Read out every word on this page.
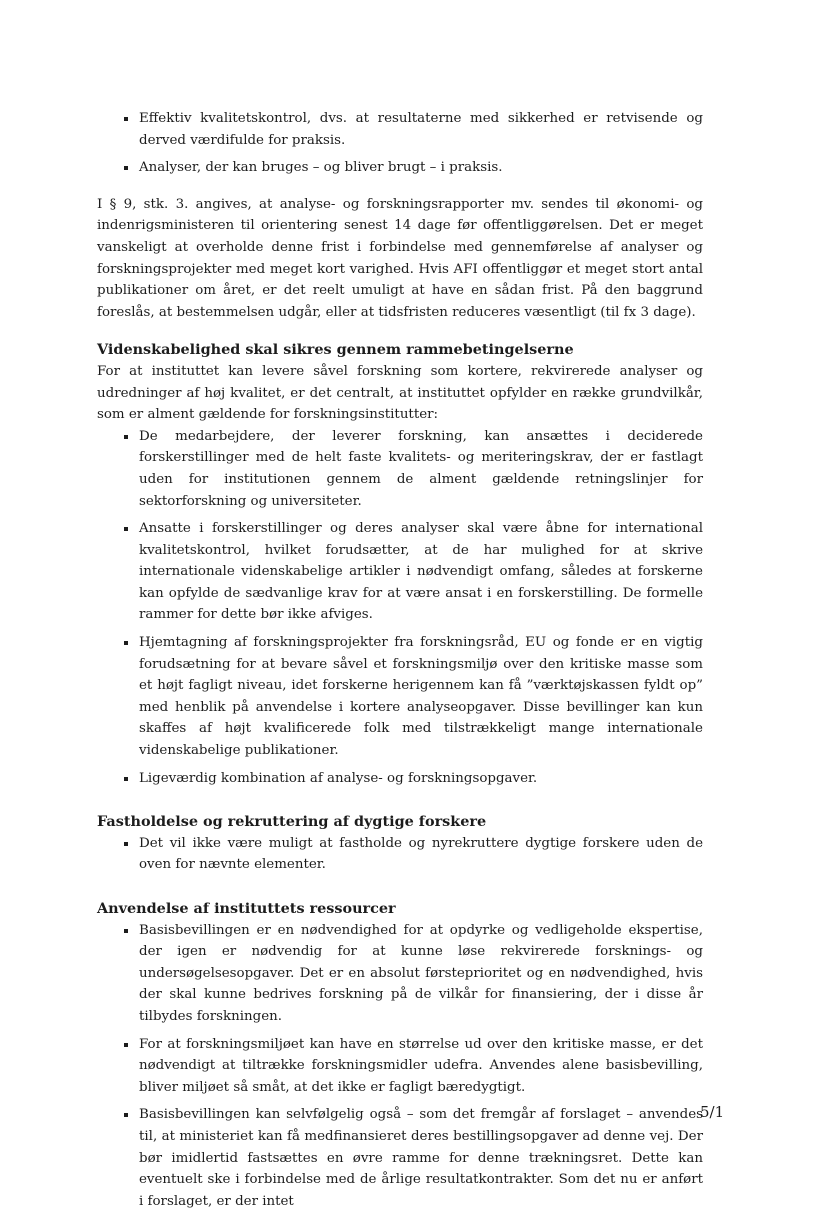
Effektiv kvalitetskontrol, dvs. at resultaterne med sikkerhed er retvisende og derved værdifulde for praksis.
Analyser, der kan bruges – og bliver brugt – i praksis.

I § 9, stk. 3. angives, at analyse- og forskningsrapporter mv. sendes til økonomi- og indenrigsministeren til orientering senest 14 dage før offentliggørelsen. Det er meget vanskeligt at overholde denne frist i forbindelse med gennemførelse af analyser og forskningsprojekter med meget kort varighed. Hvis AFI offentliggør et meget stort antal publikationer om året, er det reelt umuligt at have en sådan frist. På den baggrund foreslås, at bestemmelsen udgår, eller at tidsfristen reduceres væsentligt (til fx 3 dage).

Videnskabelighed skal sikres gennem rammebetingelserne

For at instituttet kan levere såvel forskning som kortere, rekvirerede analyser og udredninger af høj kvalitet, er det centralt, at instituttet opfylder en række grundvilkår, som er alment gældende for forskningsinstitutter:

De medarbejdere, der leverer forskning, kan ansættes i deciderede forskerstillinger med de helt faste kvalitets- og meriteringskrav, der er fastlagt uden for institutionen gennem de alment gældende retningslinjer for sektorforskning og universiteter.
Ansatte i forskerstillinger og deres analyser skal være åbne for international kvalitetskontrol, hvilket forudsætter, at de har mulighed for at skrive internationale videnskabelige artikler i nødvendigt omfang, således at forskerne kan opfylde de sædvanlige krav for at være ansat i en forskerstilling. De formelle rammer for dette bør ikke afviges.
Hjemtagning af forskningsprojekter fra forskningsråd, EU og fonde er en vigtig forudsætning for at bevare såvel et forskningsmiljø over den kritiske masse som et højt fagligt niveau, idet forskerne herigennem kan få ”værktøjskassen fyldt op” med henblik på anvendelse i kortere analyseopgaver. Disse bevillinger kan kun skaffes af højt kvalificerede folk med tilstrækkeligt mange internationale videnskabelige publikationer.
Ligeværdig kombination af analyse- og forskningsopgaver.
Fastholdelse og rekruttering af dygtige forskere
Det vil ikke være muligt at fastholde og nyrekruttere dygtige forskere uden de oven for nævnte elementer.
Anvendelse af instituttets ressourcer
Basisbevillingen er en nødvendighed for at opdyrke og vedligeholde ekspertise, der igen er nødvendig for at kunne løse rekvirerede forsknings- og undersøgelsesopgaver. Det er en absolut førsteprioritet og en nødvendighed, hvis der skal kunne bedrives forskning på de vilkår for finansiering, der i disse år tilbydes forskningen.
For at forskningsmiljøet kan have en størrelse ud over den kritiske masse, er det nødvendigt at tiltrække forskningsmidler udefra. Anvendes alene basisbevilling, bliver miljøet så småt, at det ikke er fagligt bæredygtigt.
Basisbevillingen kan selvfølgelig også – som det fremgår af forslaget – anvendes til, at ministeriet kan få medfinansieret deres bestillingsopgaver ad denne vej. Der bør imidlertid fastsættes en øvre ramme for denne trækningsret. Dette kan eventuelt ske i forbindelse med de årlige resultatkontrakter. Som det nu er anført i forslaget, er der intet
5/1
